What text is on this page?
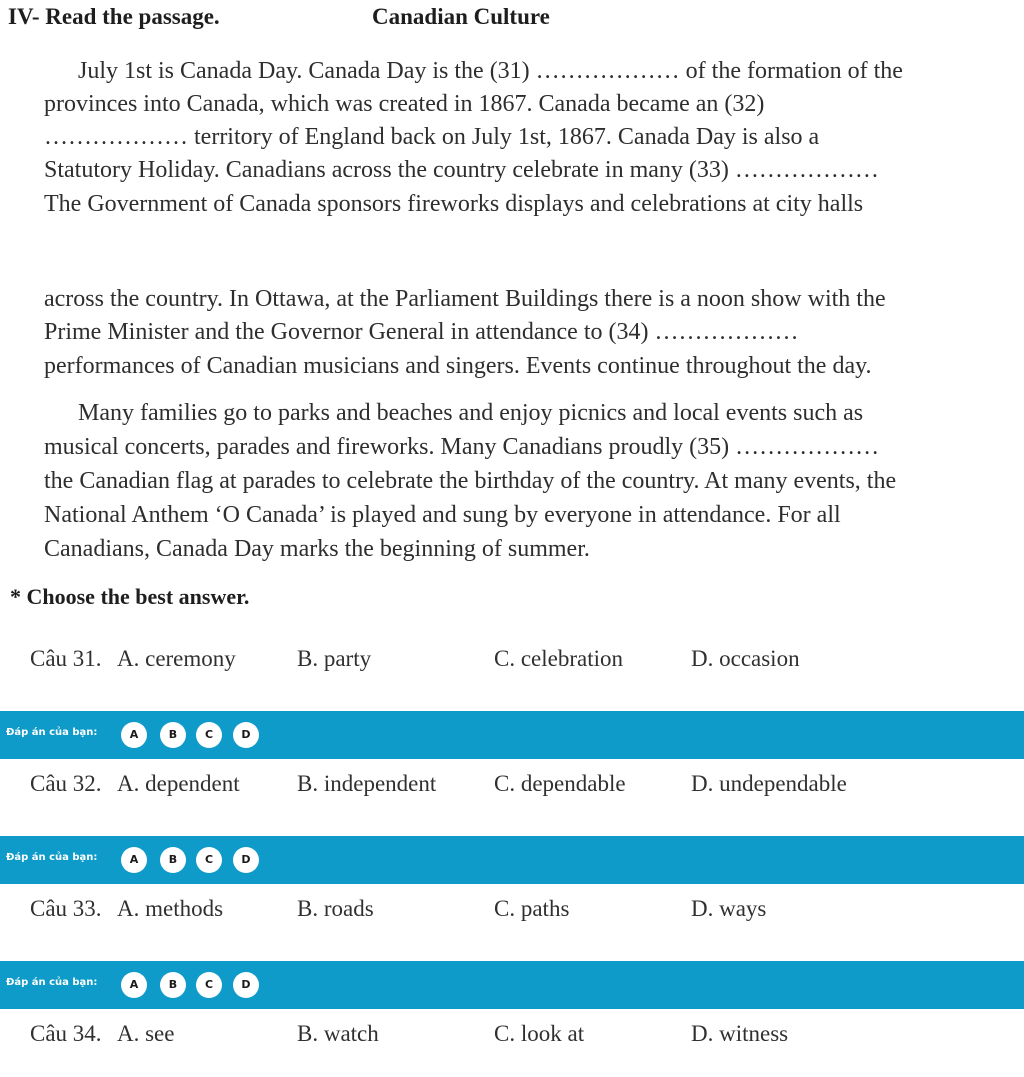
IV- Read the passage.	Canadian Culture
July 1st is Canada Day. Canada Day is the (31) ……………… of the formation of the
provinces into Canada, which was created in 1867. Canada became an (32)
……………… territory of England back on July 1st, 1867. Canada Day is also a
Statutory Holiday. Canadians across the country celebrate in many (33) ………………
The Government of Canada sponsors fireworks displays and celebrations at city halls
across the country. In Ottawa, at the Parliament Buildings there is a noon show with the
Prime Minister and the Governor General in attendance to (34) ………………
performances of Canadian musicians and singers. Events continue throughout the day.
Many families go to parks and beaches and enjoy picnics and local events such as
musical concerts, parades and fireworks. Many Canadians proudly (35) ………………
the Canadian flag at parades to celebrate the birthday of the country. At many events, the
National Anthem ‘O Canada’ is played and sung by everyone in attendance. For all
Canadians, Canada Day marks the beginning of summer.
* Choose the best answer.
Câu 31. A. ceremony	B. party	C. celebration	D. occasion
Đáp án của bạn:	A	B	C	D
Câu 32. A. dependent B. independent	C. dependable	D. undependable
Đáp án của bạn:	A	B	C	D
Câu 33. A. methods	B. roads	C. paths	D. ways
Đáp án của bạn:	A	B	C	D
Câu 34. A. see	B. watch	C. look at	D. witness
